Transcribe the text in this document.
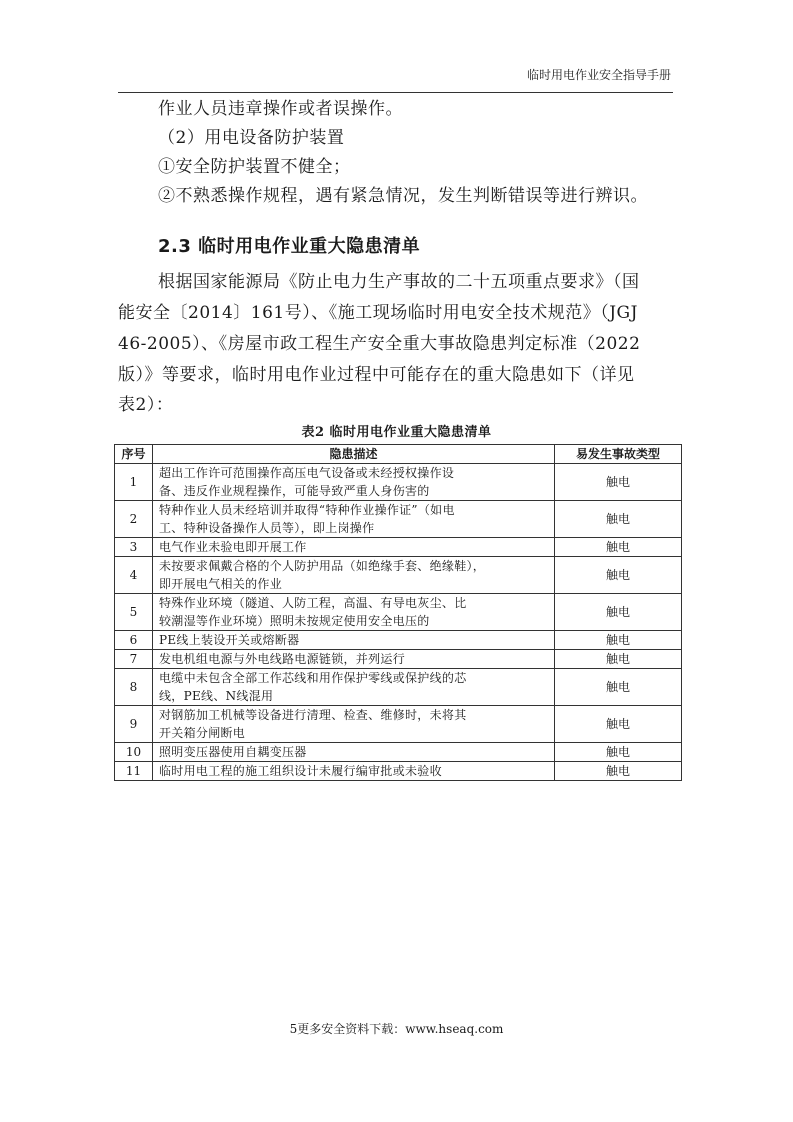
临时用电作业安全指导手册
作业人员违章操作或者误操作。
（2）用电设备防护装置
①安全防护装置不健全；
②不熟悉操作规程，遇有紧急情况，发生判断错误等进行辨识。
2.3 临时用电作业重大隐患清单
根据国家能源局《防止电力生产事故的二十五项重点要求》（国
能安全〔2014〕161号）、《施工现场临时用电安全技术规范》（JGJ
46-2005）、《房屋市政工程生产安全重大事故隐患判定标准（2022
版）》等要求，临时用电作业过程中可能存在的重大隐患如下（详见
表2）：
表2 临时用电作业重大隐患清单
序号	隐患描述	易发生事故类型
1	超出工作许可范围操作高压电气设备或未经授权操作设
备、违反作业规程操作，可能导致严重人身伤害的	触电
2	特种作业人员未经培训并取得“特种作业操作证”（如电
工、特种设备操作人员等），即上岗操作	触电
3	电气作业未验电即开展工作	触电
4	未按要求佩戴合格的个人防护用品（如绝缘手套、绝缘鞋），
即开展电气相关的作业	触电
5	特殊作业环境（隧道、人防工程，高温、有导电灰尘、比
较潮湿等作业环境）照明未按规定使用安全电压的	触电
6	PE线上装设开关或熔断器	触电
7	发电机组电源与外电线路电源链锁，并列运行	触电
8	电缆中未包含全部工作芯线和用作保护零线或保护线的芯
线，PE线、N线混用	触电
9	对钢筋加工机械等设备进行清理、检查、维修时，未将其
开关箱分闸断电	触电
10	照明变压器使用自耦变压器	触电
11	临时用电工程的施工组织设计未履行编审批或未验收	触电
5更多安全资料下载：www.hseaq.com
